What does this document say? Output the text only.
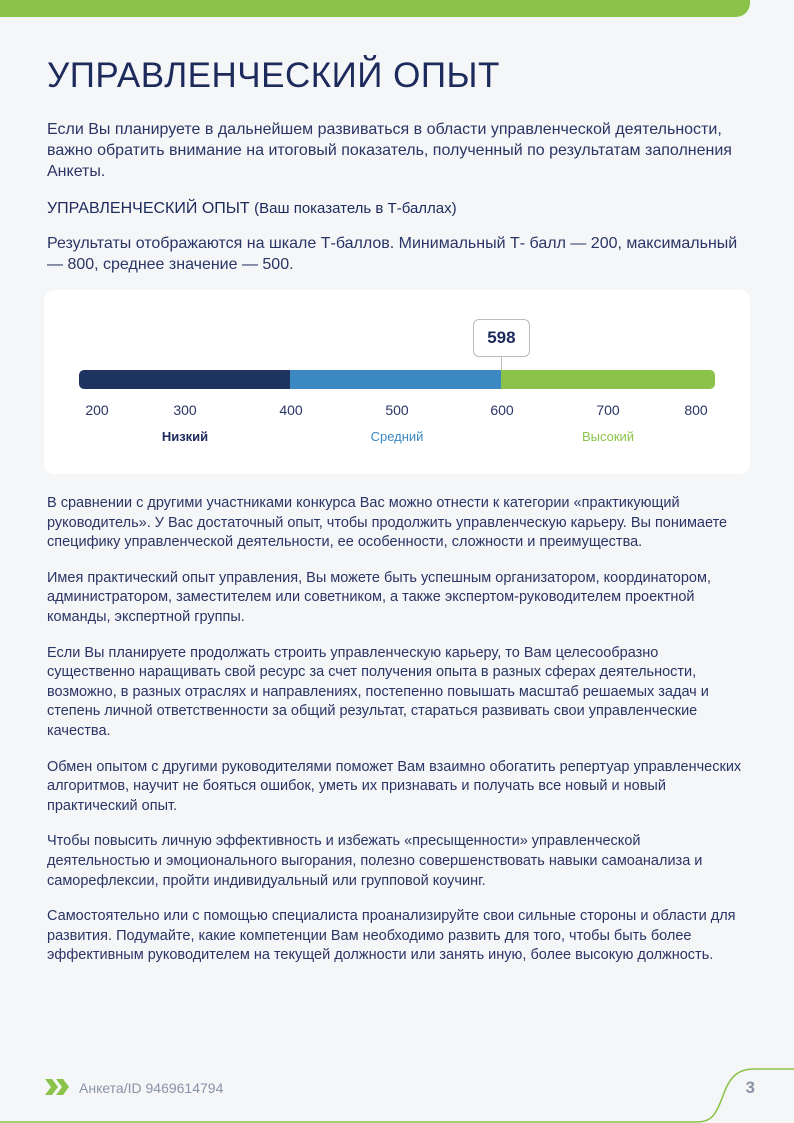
УПРАВЛЕНЧЕСКИЙ ОПЫТ

Если Вы планируете в дальнейшем развиваться в области управленческой деятельности, важно обратить внимание на итоговый показатель, полученный по результатам заполнения Анкеты.

УПРАВЛЕНЧЕСКИЙ ОПЫТ (Ваш показатель в Т-баллах)

Результаты отображаются на шкале Т-баллов. Минимальный Т- балл — 200, максимальный — 800, среднее значение — 500.

598
200	300	400	500	600	700	800
Низкий	Средний	Высокий

В сравнении с другими участниками конкурса Вас можно отнести к категории «практикующий руководитель». У Вас достаточный опыт, чтобы продолжить управленческую карьеру. Вы понимаете специфику управленческой деятельности, ее особенности, сложности и преимущества.

Имея практический опыт управления, Вы можете быть успешным организатором, координатором, администратором, заместителем или советником, а также экспертом-руководителем проектной команды, экспертной группы.

Если Вы планируете продолжать строить управленческую карьеру, то Вам целесообразно существенно наращивать свой ресурс за счет получения опыта в разных сферах деятельности, возможно, в разных отраслях и направлениях, постепенно повышать масштаб решаемых задач и степень личной ответственности за общий результат, стараться развивать свои управленческие качества.

Обмен опытом с другими руководителями поможет Вам взаимно обогатить репертуар управленческих алгоритмов, научит не бояться ошибок, уметь их признавать и получать все новый и новый практический опыт.

Чтобы повысить личную эффективность и избежать «пресыщенности» управленческой деятельностью и эмоционального выгорания, полезно совершенствовать навыки самоанализа и саморефлексии, пройти индивидуальный или групповой коучинг.

Самостоятельно или с помощью специалиста проанализируйте свои сильные стороны и области для развития. Подумайте, какие компетенции Вам необходимо развить для того, чтобы быть более эффективным руководителем на текущей должности или занять иную, более высокую должность.

Анкета/ID 9469614794	3
